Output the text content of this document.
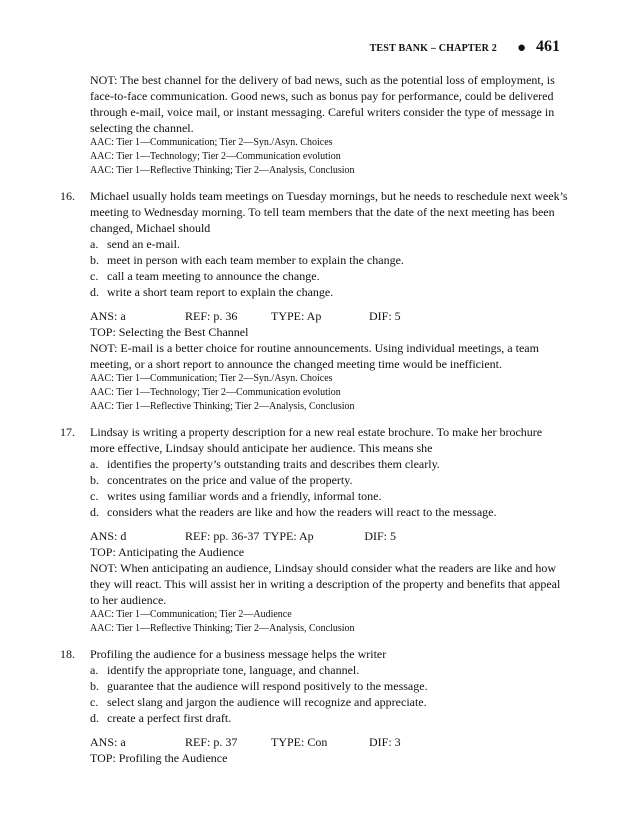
TEST BANK – CHAPTER 2 ● 461
NOT: The best channel for the delivery of bad news, such as the potential loss of employment, is face-to-face communication. Good news, such as bonus pay for performance, could be delivered through e-mail, voice mail, or instant messaging. Careful writers consider the type of message in selecting the channel.
AAC: Tier 1—Communication; Tier 2—Syn./Asyn. Choices
AAC: Tier 1—Technology; Tier 2—Communication evolution
AAC: Tier 1—Reflective Thinking; Tier 2—Analysis, Conclusion
16. Michael usually holds team meetings on Tuesday mornings, but he needs to reschedule next week’s meeting to Wednesday morning. To tell team members that the date of the next meeting has been changed, Michael should
a. send an e-mail.
b. meet in person with each team member to explain the change.
c. call a team meeting to announce the change.
d. write a short team report to explain the change.
ANS: a	REF: p. 36	TYPE: Ap	DIF: 5
TOP: Selecting the Best Channel
NOT: E-mail is a better choice for routine announcements. Using individual meetings, a team meeting, or a short report to announce the changed meeting time would be inefficient.
AAC: Tier 1—Communication; Tier 2—Syn./Asyn. Choices
AAC: Tier 1—Technology; Tier 2—Communication evolution
AAC: Tier 1—Reflective Thinking; Tier 2—Analysis, Conclusion
17. Lindsay is writing a property description for a new real estate brochure. To make her brochure more effective, Lindsay should anticipate her audience. This means she
a. identifies the property’s outstanding traits and describes them clearly.
b. concentrates on the price and value of the property.
c. writes using familiar words and a friendly, informal tone.
d. considers what the readers are like and how the readers will react to the message.
ANS: d	REF: pp. 36-37 TYPE: Ap	DIF: 5
TOP: Anticipating the Audience
NOT: When anticipating an audience, Lindsay should consider what the readers are like and how they will react. This will assist her in writing a description of the property and benefits that appeal to her audience.
AAC: Tier 1—Communication; Tier 2—Audience
AAC: Tier 1—Reflective Thinking; Tier 2—Analysis, Conclusion
18. Profiling the audience for a business message helps the writer
a. identify the appropriate tone, language, and channel.
b. guarantee that the audience will respond positively to the message.
c. select slang and jargon the audience will recognize and appreciate.
d. create a perfect first draft.
ANS: a	REF: p. 37	TYPE: Con	DIF: 3
TOP: Profiling the Audience
